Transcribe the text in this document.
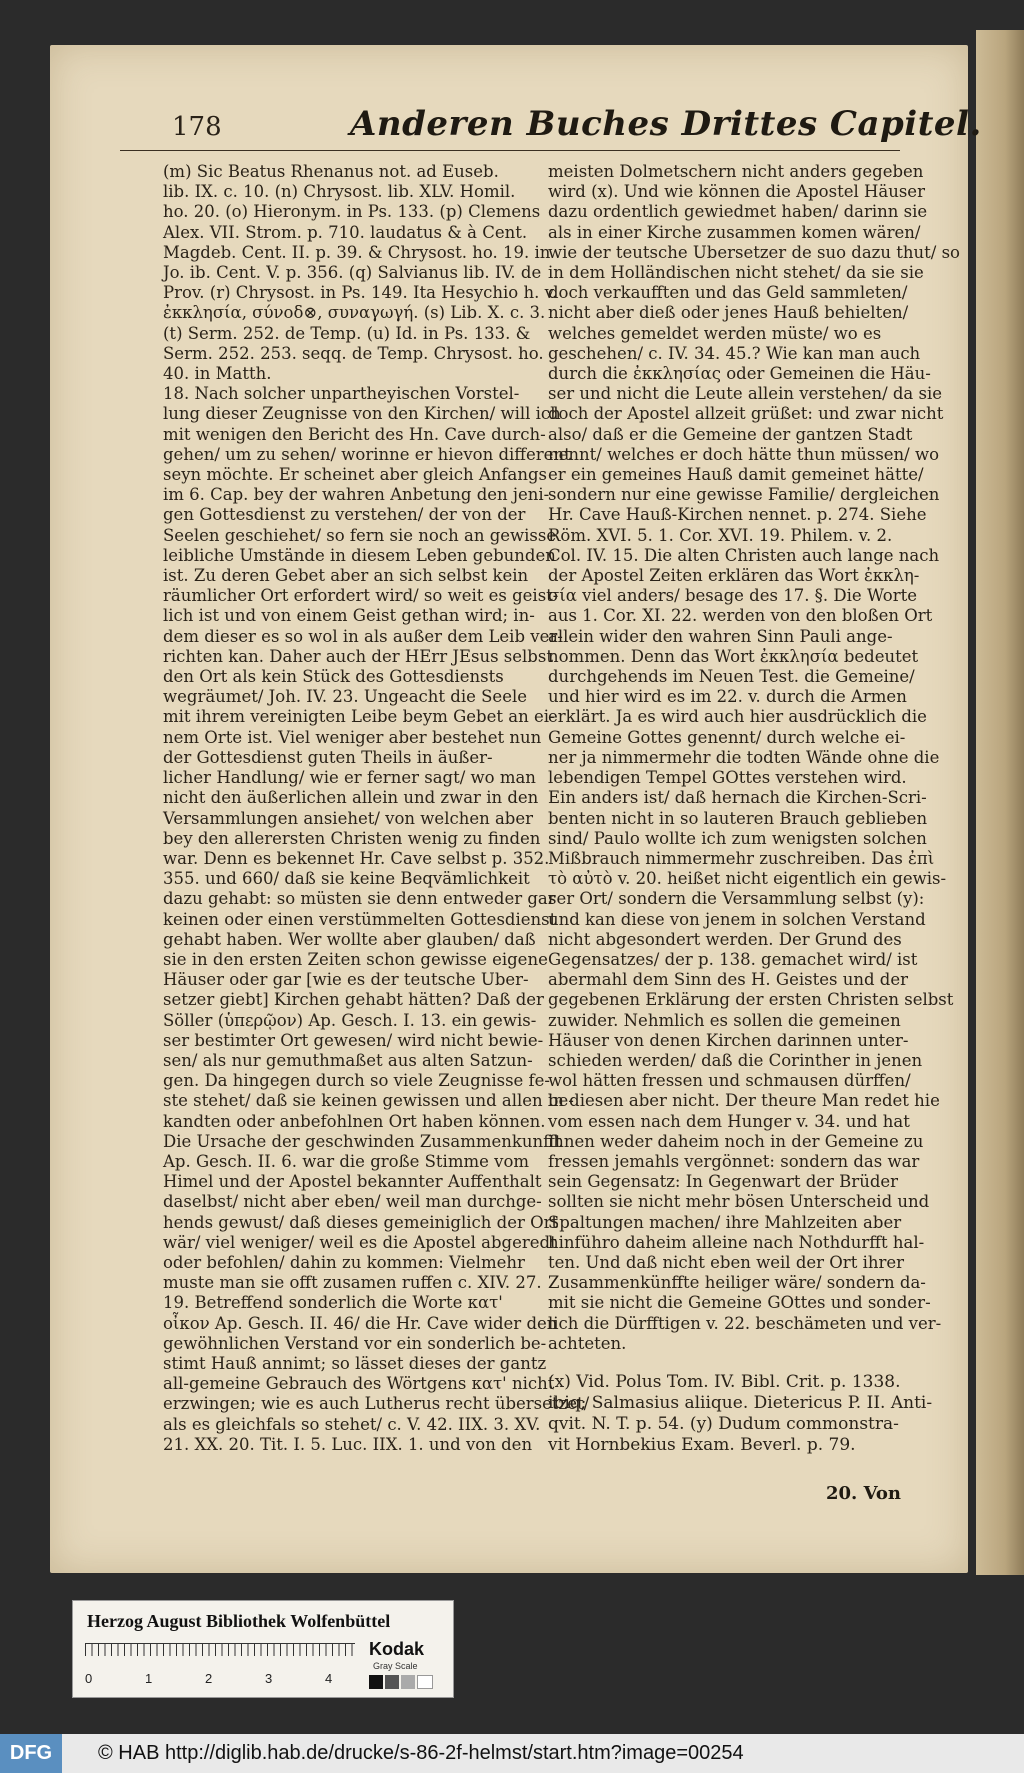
178	Anderen Buches Drittes Capitel.
(m) Sic Beatus Rhenanus not. ad Euseb.
lib. IX. c. 10. (n) Chrysost. lib. XLV. Homil.
ho. 20. (o) Hieronym. in Ps. 133. (p) Clemens
Alex. VII. Strom. p. 710. laudatus & à Cent.
Magdeb. Cent. II. p. 39. & Chrysost. ho. 19. in
Jo. ib. Cent. V. p. 356. (q) Salvianus lib. IV. de
Prov. (r) Chrysost. in Ps. 149. Ita Hesychio h. v.
ἐκκλησία, σύνοδ⊗, συναγωγή. (s) Lib. X. c. 3.
(t) Serm. 252. de Temp. (u) Id. in Ps. 133. &
Serm. 252. 253. seqq. de Temp. Chrysost. ho.
40. in Matth.
18. Nach solcher unpartheyischen Vorstel-
lung dieser Zeugnisse von den Kirchen/ will ich
mit wenigen den Bericht des Hn. Cave durch-
gehen/ um zu sehen/ worinne er hievon different
seyn möchte. Er scheinet aber gleich Anfangs
im 6. Cap. bey der wahren Anbetung den jeni-
gen Gottesdienst zu verstehen/ der von der
Seelen geschiehet/ so fern sie noch an gewisse
leibliche Umstände in diesem Leben gebunden
ist. Zu deren Gebet aber an sich selbst kein
räumlicher Ort erfordert wird/ so weit es geist-
lich ist und von einem Geist gethan wird; in-
dem dieser es so wol in als außer dem Leib ver-
richten kan. Daher auch der HErr JEsus selbst
den Ort als kein Stück des Gottesdiensts
wegräumet/ Joh. IV. 23. Ungeacht die Seele
mit ihrem vereinigten Leibe beym Gebet an ei-
nem Orte ist. Viel weniger aber bestehet nun
der Gottesdienst guten Theils in äußer-
licher Handlung/ wie er ferner sagt/ wo man
nicht den äußerlichen allein und zwar in den
Versammlungen ansiehet/ von welchen aber
bey den allerersten Christen wenig zu finden
war. Denn es bekennet Hr. Cave selbst p. 352.
355. und 660/ daß sie keine Beqvämlichkeit
dazu gehabt: so müsten sie denn entweder gar
keinen oder einen verstümmelten Gottesdienst
gehabt haben. Wer wollte aber glauben/ daß
sie in den ersten Zeiten schon gewisse eigene
Häuser oder gar [wie es der teutsche Uber-
setzer giebt] Kirchen gehabt hätten? Daß der
Söller (ὑπερῷον) Ap. Gesch. I. 13. ein gewis-
ser bestimter Ort gewesen/ wird nicht bewie-
sen/ als nur gemuthmaßet aus alten Satzun-
gen. Da hingegen durch so viele Zeugnisse fe-
ste stehet/ daß sie keinen gewissen und allen be-
kandten oder anbefohlnen Ort haben können.
Die Ursache der geschwinden Zusammenkunfft
Ap. Gesch. II. 6. war die große Stimme vom
Himel und der Apostel bekannter Auffenthalt
daselbst/ nicht aber eben/ weil man durchge-
hends gewust/ daß dieses gemeiniglich der Ort
wär/ viel weniger/ weil es die Apostel abgeredt
oder befohlen/ dahin zu kommen: Vielmehr
muste man sie offt zusamen ruffen c. XIV. 27.
19. Betreffend sonderlich die Worte κατ'
οἶκον Ap. Gesch. II. 46/ die Hr. Cave wider den
gewöhnlichen Verstand vor ein sonderlich be-
stimt Hauß annimt; so lässet dieses der gantz
all-gemeine Gebrauch des Wörtgens κατ' nicht
erzwingen; wie es auch Lutherus recht übersetzet/
als es gleichfals so stehet/ c. V. 42. IIX. 3. XV.
21. XX. 20. Tit. I. 5. Luc. IIX. 1. und von den
meisten Dolmetschern nicht anders gegeben
wird (x). Und wie können die Apostel Häuser
dazu ordentlich gewiedmet haben/ darinn sie
als in einer Kirche zusammen komen wären/
wie der teutsche Ubersetzer de suo dazu thut/ so
in dem Holländischen nicht stehet/ da sie sie
doch verkaufften und das Geld sammleten/
nicht aber dieß oder jenes Hauß behielten/
welches gemeldet werden müste/ wo es
geschehen/ c. IV. 34. 45.? Wie kan man auch
durch die ἐκκλησίας oder Gemeinen die Häu-
ser und nicht die Leute allein verstehen/ da sie
doch der Apostel allzeit grüßet: und zwar nicht
also/ daß er die Gemeine der gantzen Stadt
nennt/ welches er doch hätte thun müssen/ wo
er ein gemeines Hauß damit gemeinet hätte/
sondern nur eine gewisse Familie/ dergleichen
Hr. Cave Hauß-Kirchen nennet. p. 274. Siehe
Röm. XVI. 5. 1. Cor. XVI. 19. Philem. v. 2.
Col. IV. 15. Die alten Christen auch lange nach
der Apostel Zeiten erklären das Wort ἐκκλη-
σία viel anders/ besage des 17. §. Die Worte
aus 1. Cor. XI. 22. werden von den bloßen Ort
allein wider den wahren Sinn Pauli ange-
nommen. Denn das Wort ἐκκλησία bedeutet
durchgehends im Neuen Test. die Gemeine/
und hier wird es im 22. v. durch die Armen
erklärt. Ja es wird auch hier ausdrücklich die
Gemeine Gottes genennt/ durch welche ei-
ner ja nimmermehr die todten Wände ohne die
lebendigen Tempel GOttes verstehen wird.
Ein anders ist/ daß hernach die Kirchen-Scri-
benten nicht in so lauteren Brauch geblieben
sind/ Paulo wollte ich zum wenigsten solchen
Mißbrauch nimmermehr zuschreiben. Das ἐπὶ
τὸ αὐτὸ v. 20. heißet nicht eigentlich ein gewis-
ser Ort/ sondern die Versammlung selbst (y):
und kan diese von jenem in solchen Verstand
nicht abgesondert werden. Der Grund des
Gegensatzes/ der p. 138. gemachet wird/ ist
abermahl dem Sinn des H. Geistes und der
gegebenen Erklärung der ersten Christen selbst
zuwider. Nehmlich es sollen die gemeinen
Häuser von denen Kirchen darinnen unter-
schieden werden/ daß die Corinther in jenen
wol hätten fressen und schmausen dürffen/
in diesen aber nicht. Der theure Man redet hie
vom essen nach dem Hunger v. 34. und hat
ihnen weder daheim noch in der Gemeine zu
fressen jemahls vergönnet: sondern das war
sein Gegensatz: In Gegenwart der Brüder
sollten sie nicht mehr bösen Unterscheid und
Spaltungen machen/ ihre Mahlzeiten aber
hinführo daheim alleine nach Nothdurfft hal-
ten. Und daß nicht eben weil der Ort ihrer
Zusammenkünffte heiliger wäre/ sondern da-
mit sie nicht die Gemeine GOttes und sonder-
lich die Dürfftigen v. 22. beschämeten und ver-
achteten.
(x) Vid. Polus Tom. IV. Bibl. Crit. p. 1338.
ibiq; Salmasius aliique. Dietericus P. II. Anti-
qvit. N. T. p. 54. (y) Dudum commonstra-
vit Hornbekius Exam. Beverl. p. 79.
20. Von
Herzog August Bibliothek Wolfenbüttel
0	1	2	3	4
Kodak
Gray Scale
DFG	© HAB http://diglib.hab.de/drucke/s-86-2f-helmst/start.htm?image=00254
